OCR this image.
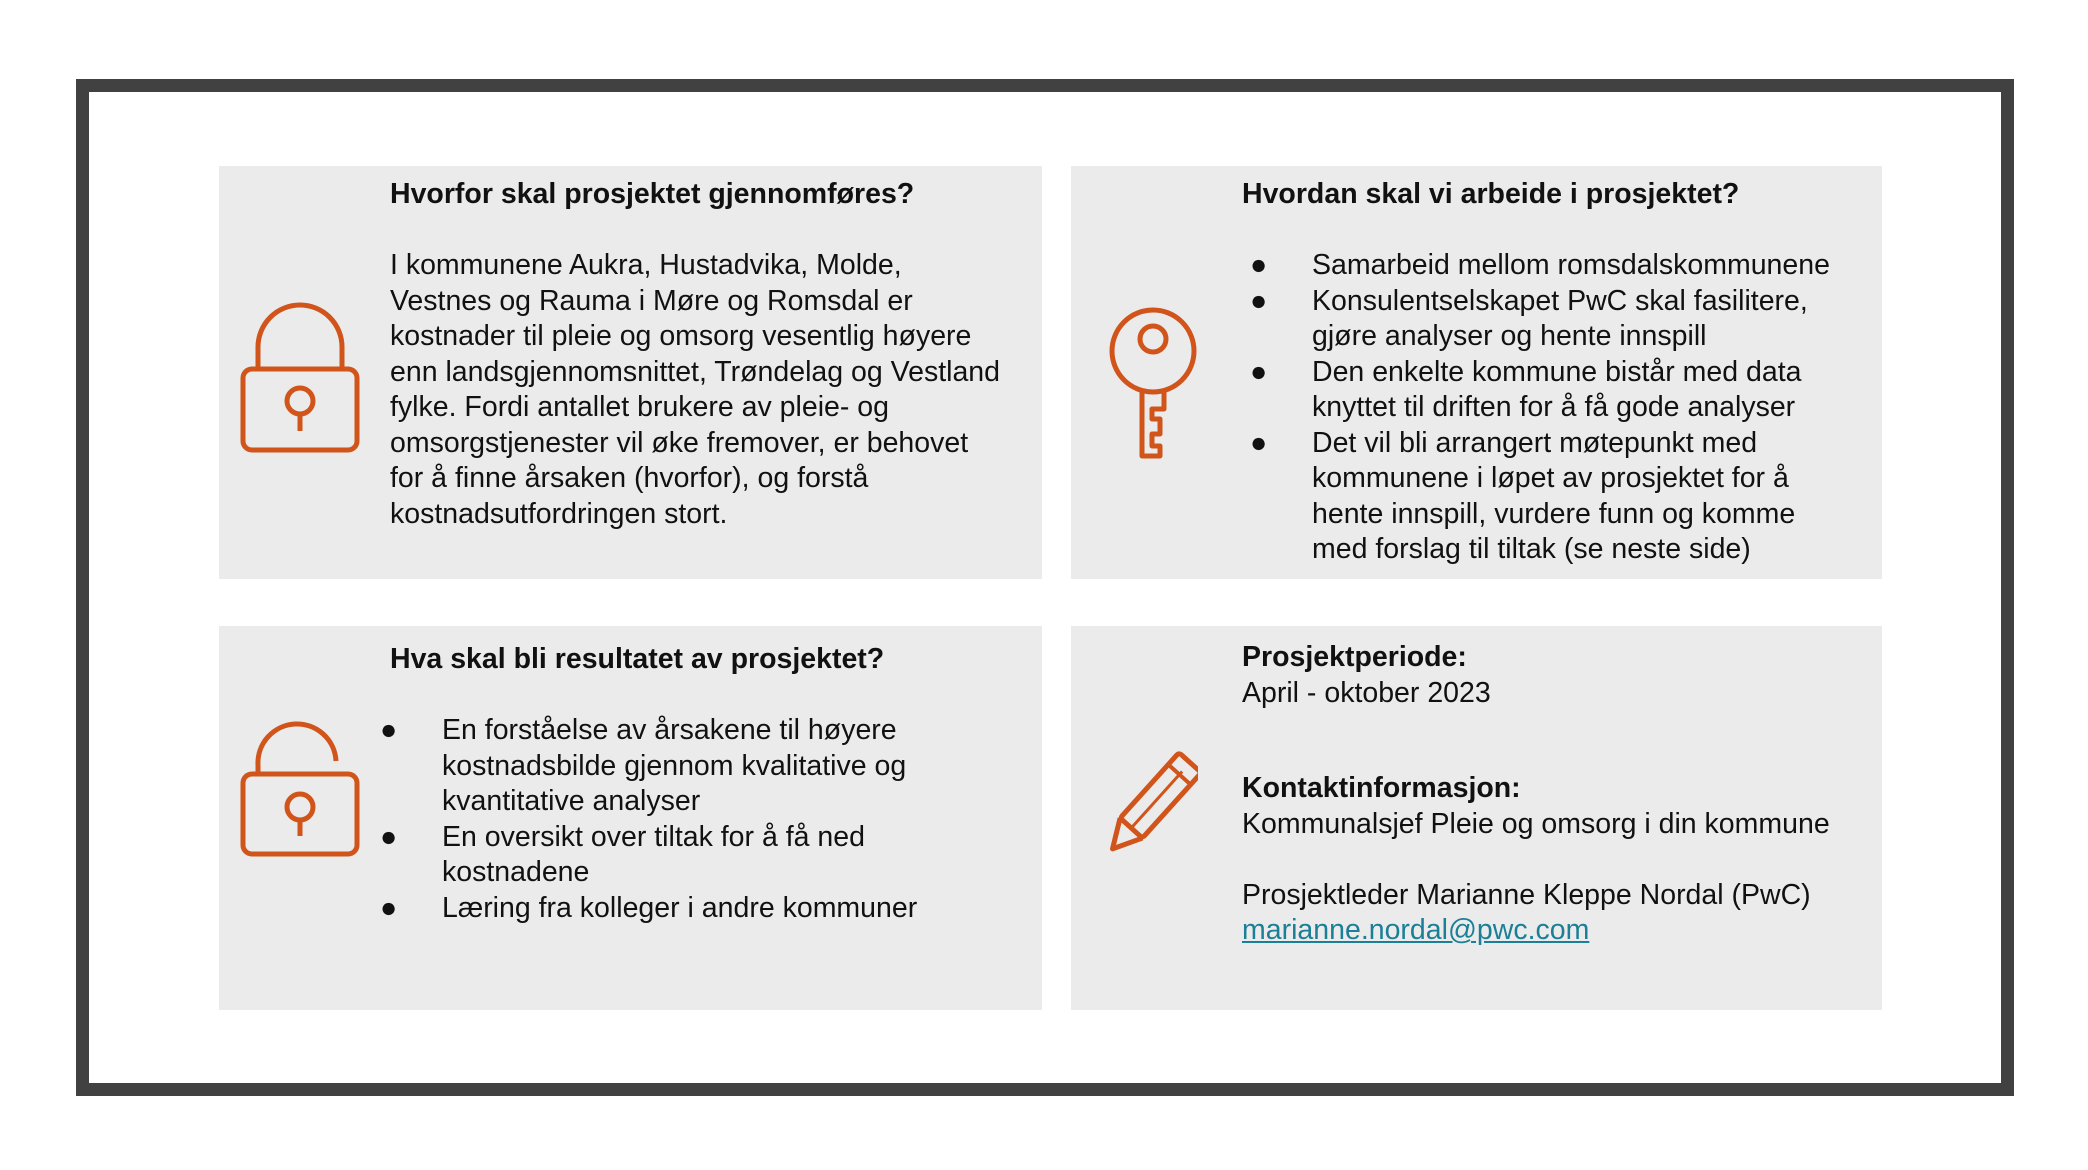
Hvorfor skal prosjektet gjennomføres?

I kommunene Aukra, Hustadvika, Molde,
Vestnes og Rauma i Møre og Romsdal er
kostnader til pleie og omsorg vesentlig høyere
enn landsgjennomsnittet, Trøndelag og Vestland
fylke. Fordi antallet brukere av pleie- og
omsorgstjenester vil øke fremover, er behovet
for å finne årsaken (hvorfor), og forstå
kostnadsutfordringen stort.

Hvordan skal vi arbeide i prosjektet?

● Samarbeid mellom romsdalskommunene
● Konsulentselskapet PwC skal fasilitere,
gjøre analyser og hente innspill
● Den enkelte kommune bistår med data
knyttet til driften for å få gode analyser
● Det vil bli arrangert møtepunkt med
kommunene i løpet av prosjektet for å
hente innspill, vurdere funn og komme
med forslag til tiltak (se neste side)

Hva skal bli resultatet av prosjektet?

● En forståelse av årsakene til høyere
kostnadsbilde gjennom kvalitative og
kvantitative analyser
● En oversikt over tiltak for å få ned
kostnadene
● Læring fra kolleger i andre kommuner
Prosjektperiode:
April - oktober 2023
Kontaktinformasjon:
Kommunalsjef Pleie og omsorg i din kommune
Prosjektleder Marianne Kleppe Nordal (PwC)
marianne.nordal@pwc.com
